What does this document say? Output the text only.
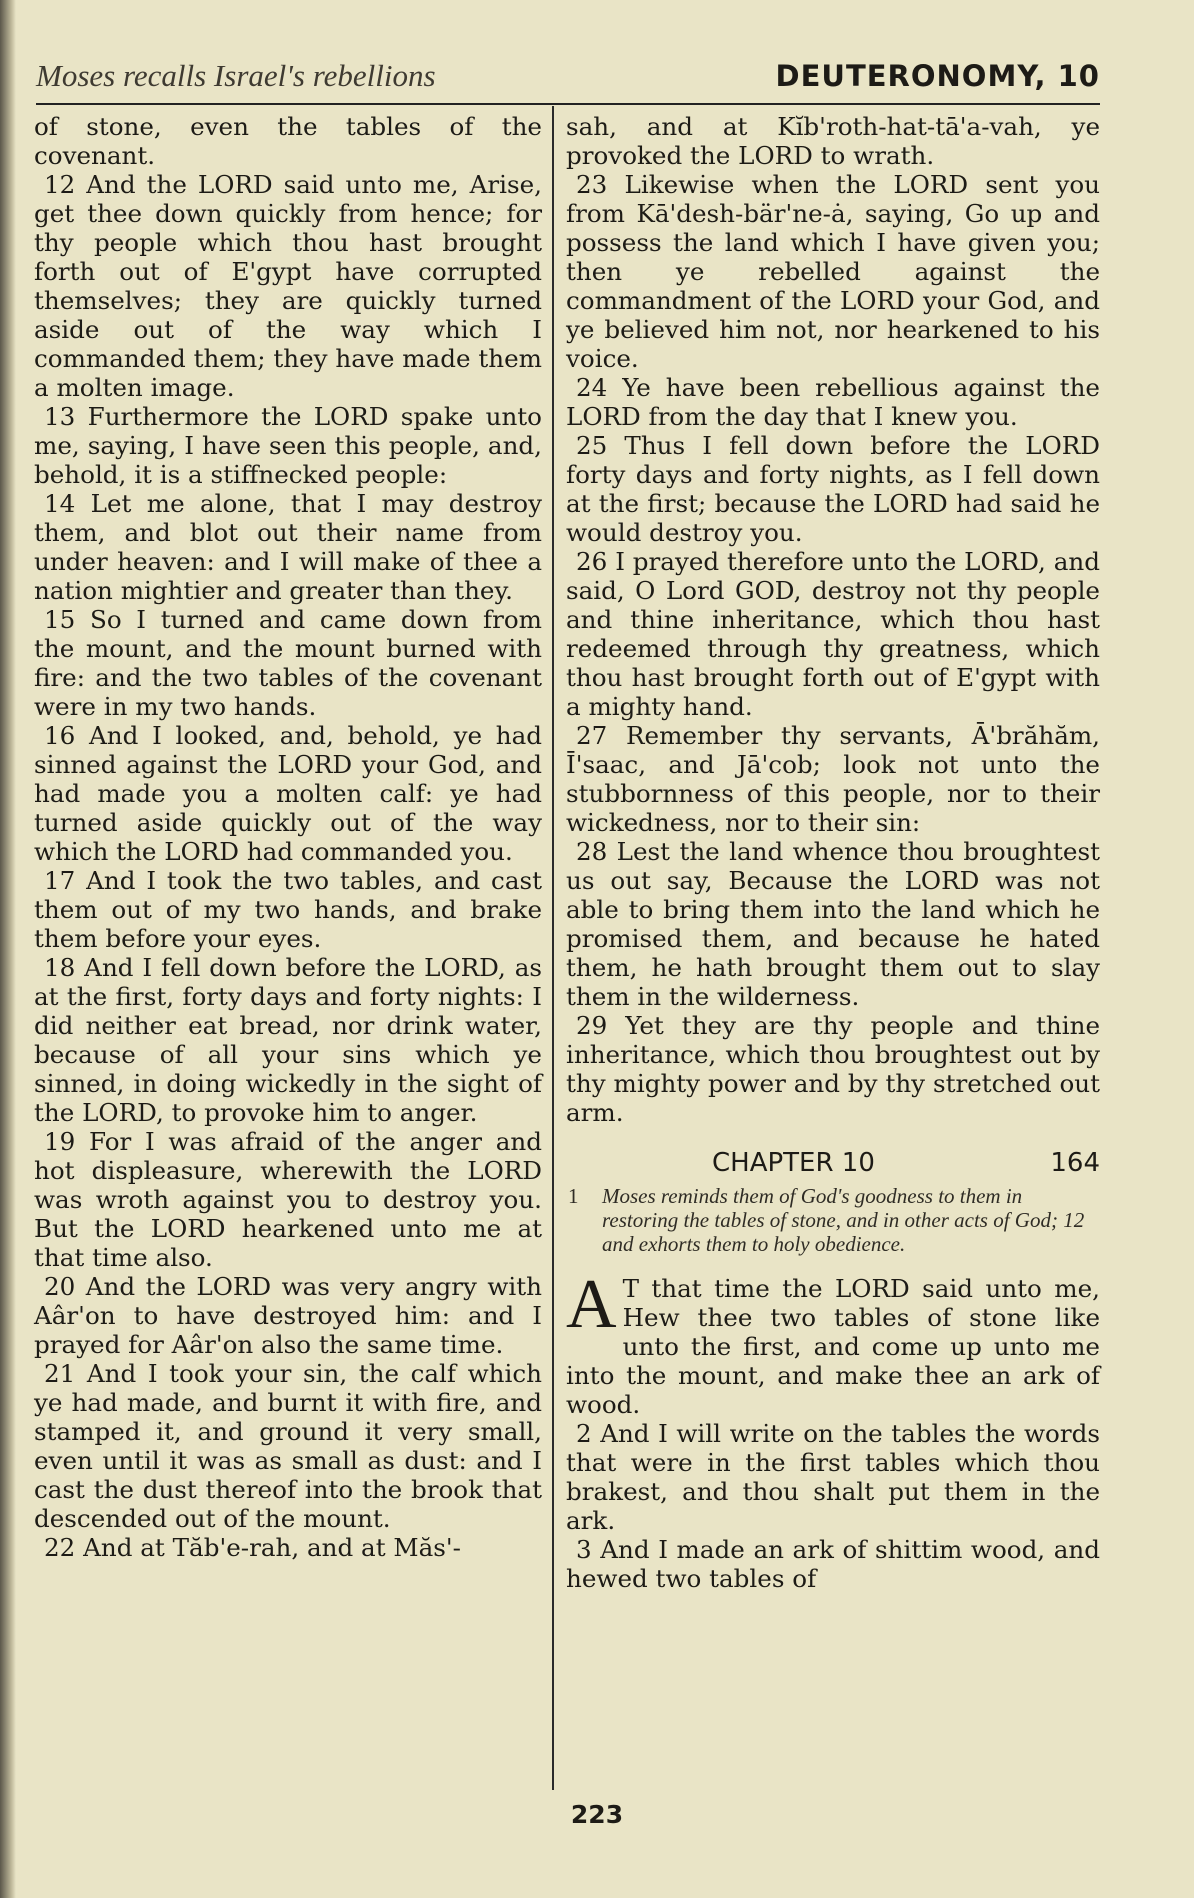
Moses recalls Israel's rebellions	DEUTERONOMY, 10

of stone, even the tables of the covenant.

12 And the LORD said unto me, Arise, get thee down quickly from hence; for thy people which thou hast brought forth out of E'gypt have corrupted themselves; they are quickly turned aside out of the way which I commanded them; they have made them a molten image.

13 Furthermore the LORD spake unto me, saying, I have seen this people, and, behold, it is a stiffnecked people:

14 Let me alone, that I may destroy them, and blot out their name from under heaven: and I will make of thee a nation mightier and greater than they.

15 So I turned and came down from the mount, and the mount burned with fire: and the two tables of the covenant were in my two hands.

16 And I looked, and, behold, ye had sinned against the LORD your God, and had made you a molten calf: ye had turned aside quickly out of the way which the LORD had commanded you.

17 And I took the two tables, and cast them out of my two hands, and brake them before your eyes.

18 And I fell down before the LORD, as at the first, forty days and forty nights: I did neither eat bread, nor drink water, because of all your sins which ye sinned, in doing wickedly in the sight of the LORD, to provoke him to anger.

19 For I was afraid of the anger and hot displeasure, wherewith the LORD was wroth against you to destroy you. But the LORD hearkened unto me at that time also.

20 And the LORD was very angry with Aâr'on to have destroyed him: and I prayed for Aâr'on also the same time.

21 And I took your sin, the calf which ye had made, and burnt it with fire, and stamped it, and ground it very small, even until it was as small as dust: and I cast the dust thereof into the brook that descended out of the mount.

22 And at Tăb'e-rah, and at Măs'-

sah, and at Kĭb'roth-hat-tā'a-vah, ye provoked the LORD to wrath.

23 Likewise when the LORD sent you from Kā'desh-bär'ne-ȧ, saying, Go up and possess the land which I have given you; then ye rebelled against the commandment of the LORD your God, and ye believed him not, nor hearkened to his voice.

24 Ye have been rebellious against the LORD from the day that I knew you.

25 Thus I fell down before the LORD forty days and forty nights, as I fell down at the first; because the LORD had said he would destroy you.

26 I prayed therefore unto the LORD, and said, O Lord GOD, destroy not thy people and thine inheritance, which thou hast redeemed through thy greatness, which thou hast brought forth out of E'gypt with a mighty hand.

27 Remember thy servants, Ā'brăhăm, Ī'saac, and Jā'cob; look not unto the stubbornness of this people, nor to their wickedness, nor to their sin:

28 Lest the land whence thou broughtest us out say, Because the LORD was not able to bring them into the land which he promised them, and because he hated them, he hath brought them out to slay them in the wilderness.

29 Yet they are thy people and thine inheritance, which thou broughtest out by thy mighty power and by thy stretched out arm.

CHAPTER 10	164
1 Moses reminds them of God's goodness to them in restoring the tables of stone, and in other acts of God; 12 and exhorts them to holy obedience.

A T that time the LORD said unto me, Hew thee two tables of stone like unto the first, and come up unto me into the mount, and make thee an ark of wood.

2 And I will write on the tables the words that were in the first tables which thou brakest, and thou shalt put them in the ark.

3 And I made an ark of shittim wood, and hewed two tables of

223
